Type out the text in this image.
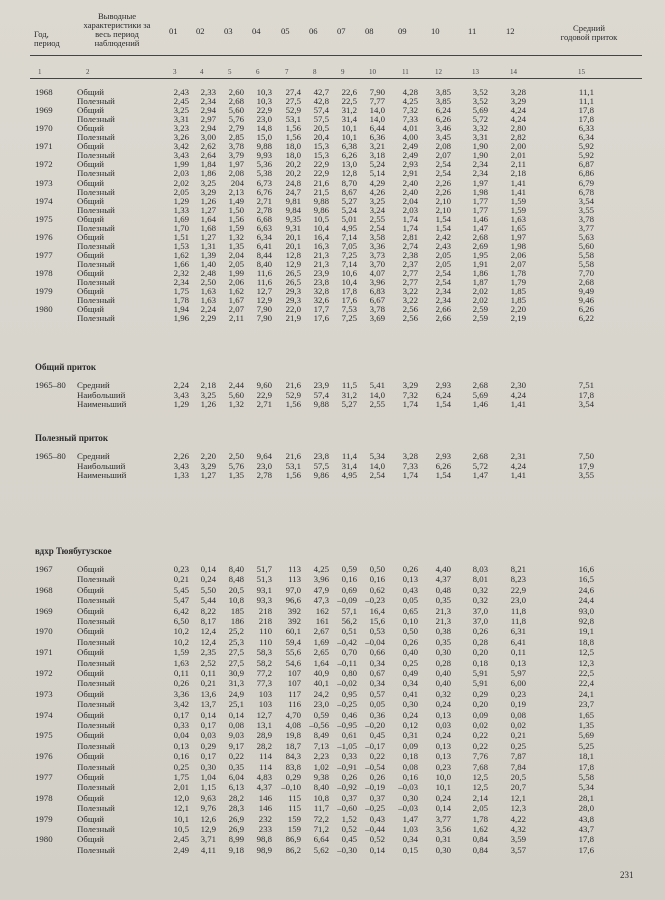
Год, период
Выводные характеристики за весь период наблюдений
Средний годовой приток
01 02 03 04 05 06 07 08	09	10	11	12
1	2	3	4	5	6	7	8	9	10	11	12	13	14	15
1968	Общий	2,43	2,33	2,60	10,3	27,4	42,7	22,6	7,90	4,28	3,85	3,52	3,28	11,1
Полезный	2,45	2,34	2,68	10,3	27,5	42,8	22,5	7,77	4,25	3,85	3,52	3,29	11,1
1969	Общий	3,25	2,94	5,60	22,9	52,9	57,4	31,2	14,0	7,32	6,24	5,69	4,24	17,8
Полезный	3,31	2,97	5,76	23,0	53,1	57,5	31,4	14,0	7,33	6,26	5,72	4,24	17,8
1970	Общий	3,23	2,94	2,79	14,8	1,56	20,5	10,1	6,44	4,01	3,46	3,32	2,80	6,33
Полезный	3,26	3,00	2,85	15,0	1,56	20,4	10,1	6,36	4,00	3,45	3,31	2,82	6,34
1971	Общий	3,42	2,62	3,78	9,88	18,0	15,3	6,38	3,21	2,49	2,08	1,90	2,00	5,92
Полезный	3,43	2,64	3,79	9,93	18,0	15,3	6,26	3,18	2,49	2,07	1,90	2,01	5,92
1972	Общий	1,99	1,84	1,97	5,36	20,2	22,9	13,0	5,24	2,93	2,54	2,34	2,11	6,87
Полезный	2,03	1,86	2,08	5,38	20,2	22,9	12,8	5,14	2,91	2,54	2,34	2,18	6,86
1973	Общий	2,02	3,25	204	6,73	24,8	21,6	8,70	4,29	2,40	2,26	1,97	1,41	6,79
Полезный	2,05	3,29	2,13	6,76	24,7	21,5	8,67	4,26	2,40	2,26	1,98	1,41	6,78
1974	Общий	1,29	1,26	1,49	2,71	9,81	9,88	5,27	3,25	2,04	2,10	1,77	1,59	3,54
Полезный	1,33	1,27	1,50	2,78	9,84	9,86	5,24	3,24	2,03	2,10	1,77	1,59	3,55
1975	Общий	1,69	1,64	1,56	6,68	9,35	10,5	5,01	2,55	1,74	1,54	1,46	1,63	3,78
Полезный	1,70	1,68	1,59	6,63	9,31	10,4	4,95	2,54	1,74	1,54	1,47	1,65	3,77
1976	Общий	1,51	1,27	1,32	6,34	20,1	16,4	7,14	3,58	2,81	2,42	2,68	1,97	5,63
Полезный	1,53	1,31	1,35	6,41	20,1	16,3	7,05	3,36	2,74	2,43	2,69	1,98	5,60
1977	Общий	1,62	1,39	2,04	8,44	12,8	21,3	7,25	3,73	2,38	2,05	1,95	2,06	5,58
Полезный	1,66	1,40	2,05	8,40	12,9	21,3	7,14	3,70	2,37	2,05	1,91	2,07	5,58
1978	Общий	2,32	2,48	1,99	11,6	26,5	23,9	10,6	4,07	2,77	2,54	1,86	1,78	7,70
Полезный	2,34	2,50	2,06	11,6	26,5	23,8	10,4	3,96	2,77	2,54	1,87	1,79	2,68
1979	Общий	1,75	1,63	1,62	12,7	29,3	32,8	17,8	6,83	3,22	2,34	2,02	1,85	9,49
Полезный	1,78	1,63	1,67	12,9	29,3	32,6	17,6	6,67	3,22	2,34	2,02	1,85	9,46
1980	Общий	1,94	2,24	2,07	7,90	22,0	17,7	7,53	3,78	2,56	2,66	2,59	2,20	6,26
Полезный	1,96	2,29	2,11	7,90	21,9	17,6	7,25	3,69	2,56	2,66	2,59	2,19	6,22
Общий приток
1965–80 Средний	2,24	2,18	2,44	9,60	21,6	23,9	11,5	5,41	3,29	2,93	2,68	2,30	7,51
Наибольший	3,43	3,25	5,60	22,9	52,9	57,4	31,2	14,0	7,32	6,24	5,69	4,24	17,8
Наименьший	1,29	1,26	1,32	2,71	1,56	9,88	5,27	2,55	1,74	1,54	1,46	1,41	3,54
Полезный приток
1965–80 Средний	2,26	2,20	2,50	9,64	21,6	23,8	11,4	5,34	3,28	2,93	2,68	2,31	7,50
Наибольший	3,43	3,29	5,76	23,0	53,1	57,5	31,4	14,0	7,33	6,26	5,72	4,24	17,9
Наименьший	1,33	1,27	1,35	2,78	1,56	9,86	4,95	2,54	1,74	1,54	1,47	1,41	3,55
вдхр Тюябугузское
1967	Общий	0,23	0,14	8,40	51,7	113	4,25	0,59	0,50	0,26	4,40	8,03	8,21	16,6
Полезный	0,21	0,24	8,48	51,3	113	3,96	0,16	0,16	0,13	4,37	8,01	8,23	16,5
1968	Общий	5,45	5,50	20,5	93,1	97,0	47,9	0,69	0,62	0,43	0,48	0,32	22,9	24,6
Полезный	5,47	5,44	10,8	93,3	96,6	47,3 –0,09 –0,23	0,05	0,35	0,32	23,0	24,4
1969	Общий	6,42	8,22	185	218	392	162	57,1	16,4	0,65	21,3	37,0	11,8	93,0
Полезный	6,50	8,17	186	218	392	161	56,2	15,6	0,10	21,3	37,0	11,8	92,8
1970	Общий	10,2	12,4	25,2	110	60,1	2,67	0,51	0,53	0,50	0,38	0,26	6,31	19,1
Полезный	10,2	12,4	25,3	110	59,4	1,69 –0,42 –0,04	0,26	0,35	0,28	6,41	18,8
1971	Общий	1,59	2,35	27,5	58,3	55,6	2,65	0,70	0,66	0,40	0,30	0,20	0,11	12,5
Полезный	1,63	2,52	27,5	58,2	54,6	1,64 –0,11	0,34	0,25	0,28	0,18	0,13	12,3
1972	Общий	0,11	0,11	30,9	77,2	107	40,9	0,80	0,67	0,49	0,40	5,91	5,97	22,5
Полезный	0,26	0,21	31,3	77,3	107	40,1 –0,02	0,34	0,34	0,40	5,91	6,00	22,4
1973	Общий	3,36	13,6	24,9	103	117	24,2	0,95	0,57	0,41	0,32	0,29	0,23	24,1
Полезный	3,42	13,7	25,1	103	116	23,0 –0,25	0,05	0,30	0,24	0,20	0,19	23,7
1974	Общий	0,17	0,14	0,14	12,7	4,70	0,59	0,46	0,36	0,24	0,13	0,09	0,08	1,65
Полезный	0,33	0,17	0,08	13,1	4,08 –0,56 –0,95 –0,20	0,12	0,03	0,02	0,02	1,35
1975	Общий	0,04	0,03	9,03	28,9	19,8	8,49	0,61	0,45	0,31	0,24	0,22	0,21	5,69
Полезный	0,13	0,29	9,17	28,2	18,7	7,13 –1,05 –0,17	0,09	0,13	0,22	0,25	5,25
1976	Общий	0,16	0,17	0,22	114	84,3	2,23	0,33	0,22	0,18	0,13	7,76	7,87	18,1
Полезный	0,25	0,30	0,35	114	83,8	1,02 –0,91 –0,54	0,08	0,23	7,68	7,84	17,8
1977	Общий	1,75	1,04	6,04	4,83	0,29	9,38	0,26	0,26	0,16	10,0	12,5	20,5	5,58
Полезный	2,01	1,15	6,13	4,37	–0,10	8,40 –0,92 –0,19	–0,03	10,1	12,5	20,7	5,34
1978	Общий	12,0	9,63	28,2	146	115	10,8	0,37	0,37	0,30	0,24	2,14	12,1	28,1
Полезный	12,1	9,76	28,3	146	115	11,7 –0,60 –0,25	–0,03	0,14	2,05	12,3	28,0
1979	Общий	10,1	12,6	26,9	232	159	72,2	1,52	0,43	1,47	3,77	1,78	4,22	43,8
Полезный	10,5	12,9	26,9	233	159	71,2	0,52 –0,44	1,03	3,56	1,62	4,32	43,7
1980	Общий	2,45	3,71	8,99	98,8	86,9	6,64	0,45	0,52	0,34	0,31	0,84	3,59	17,8
Полезный	2,49	4,11	9,18	98,9	86,2	5,62 –0,30	0,14	0,15	0,30	0,84	3,57	17,6
231
